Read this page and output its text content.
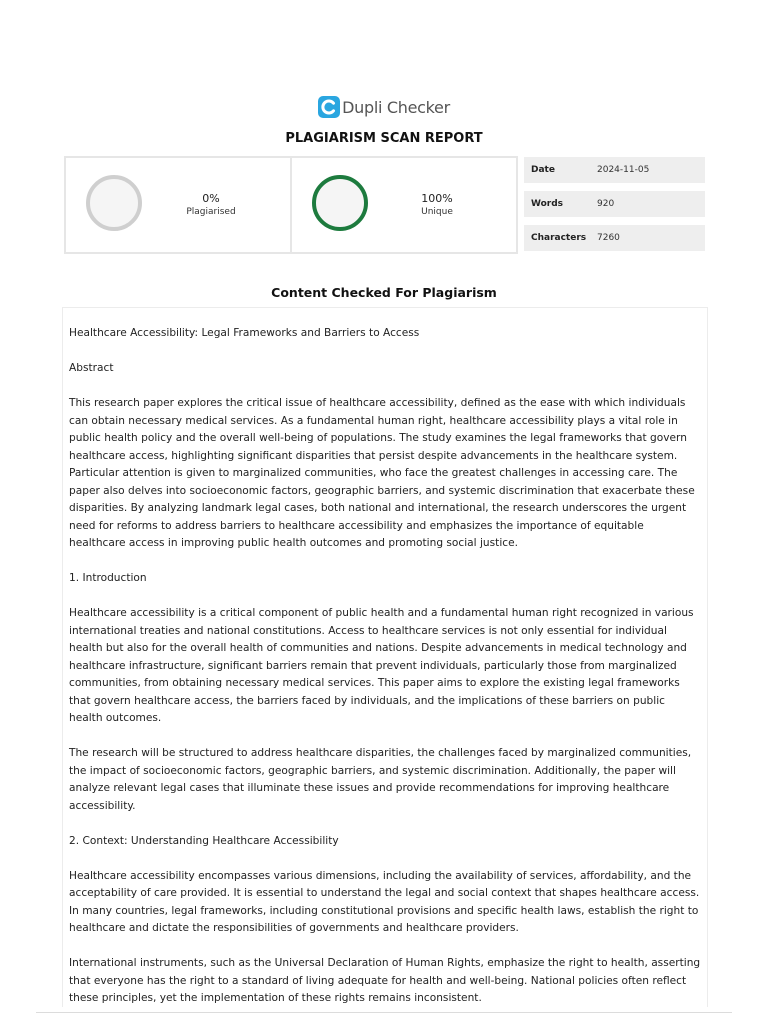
Dupli Checker
PLAGIARISM SCAN REPORT
0%
Plagiarised
100%
Unique
Date	2024-11-05
Words	920
Characters	7260
Content Checked For Plagiarism

Healthcare Accessibility: Legal Frameworks and Barriers to Access

Abstract

This research paper explores the critical issue of healthcare accessibility, defined as the ease with which individuals can obtain necessary medical services. As a fundamental human right, healthcare accessibility plays a vital role in public health policy and the overall well-being of populations. The study examines the legal frameworks that govern healthcare access, highlighting significant disparities that persist despite advancements in the healthcare system. Particular attention is given to marginalized communities, who face the greatest challenges in accessing care. The paper also delves into socioeconomic factors, geographic barriers, and systemic discrimination that exacerbate these disparities. By analyzing landmark legal cases, both national and international, the research underscores the urgent need for reforms to address barriers to healthcare accessibility and emphasizes the importance of equitable healthcare access in improving public health outcomes and promoting social justice.

1. Introduction

Healthcare accessibility is a critical component of public health and a fundamental human right recognized in various international treaties and national constitutions. Access to healthcare services is not only essential for individual health but also for the overall health of communities and nations. Despite advancements in medical technology and healthcare infrastructure, significant barriers remain that prevent individuals, particularly those from marginalized communities, from obtaining necessary medical services. This paper aims to explore the existing legal frameworks that govern healthcare access, the barriers faced by individuals, and the implications of these barriers on public health outcomes.

The research will be structured to address healthcare disparities, the challenges faced by marginalized communities, the impact of socioeconomic factors, geographic barriers, and systemic discrimination. Additionally, the paper will analyze relevant legal cases that illuminate these issues and provide recommendations for improving healthcare accessibility.

2. Context: Understanding Healthcare Accessibility

Healthcare accessibility encompasses various dimensions, including the availability of services, affordability, and the acceptability of care provided. It is essential to understand the legal and social context that shapes healthcare access. In many countries, legal frameworks, including constitutional provisions and specific health laws, establish the right to healthcare and dictate the responsibilities of governments and healthcare providers.

International instruments, such as the Universal Declaration of Human Rights, emphasize the right to health, asserting that everyone has the right to a standard of living adequate for health and well-being. National policies often reflect these principles, yet the implementation of these rights remains inconsistent.
